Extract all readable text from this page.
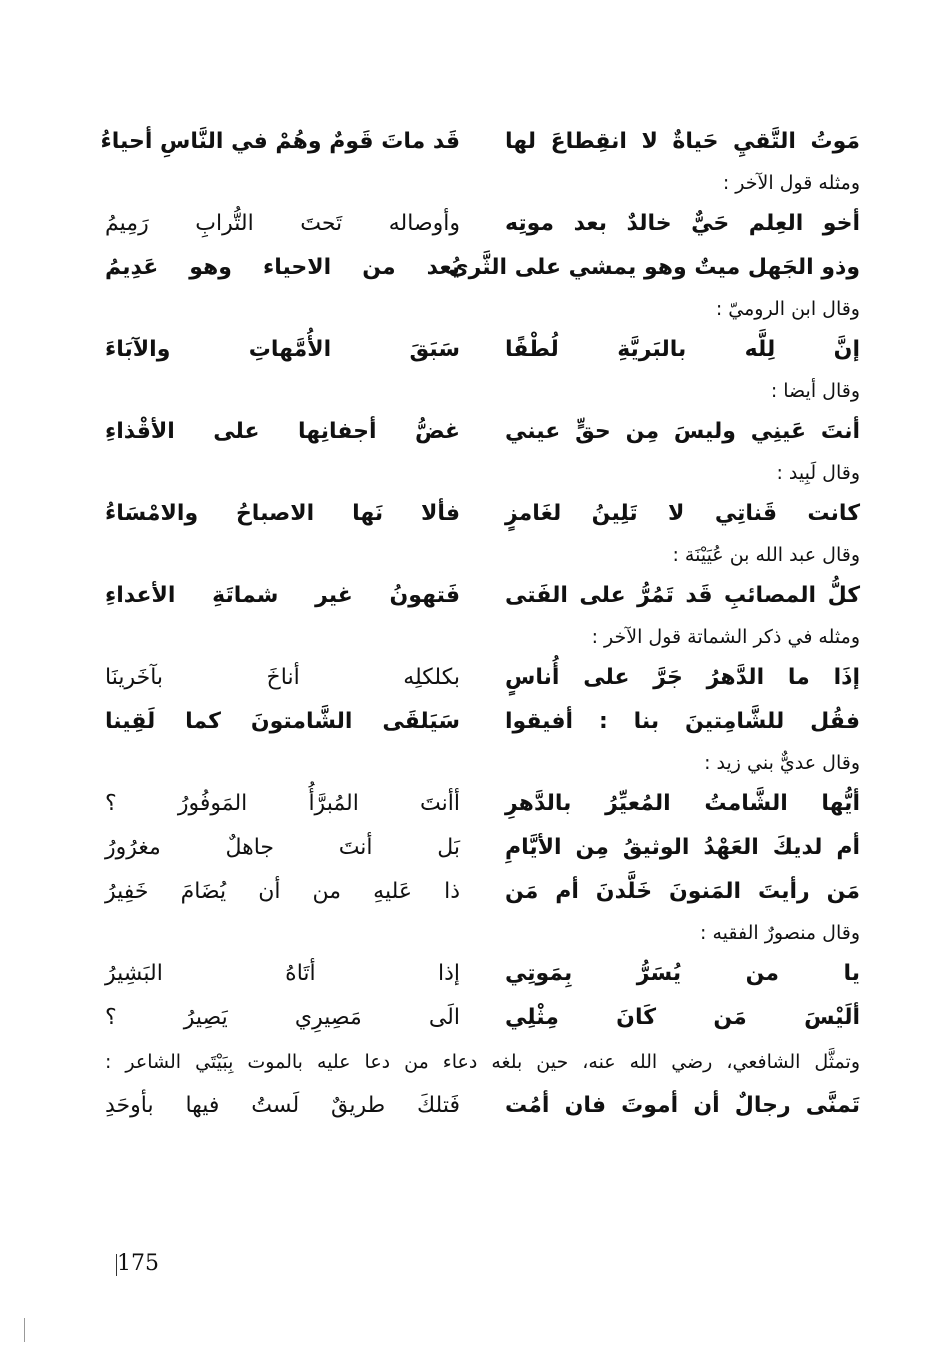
مَوتُ التَّقيِ حَياةٌ لا انقِطاعَ لها
قَد ماتَ قَومٌ وهُمْ في النَّاسِ أحياءُ
ومثله قول الآخر :
أخو العِلم حَيٌّ خالدٌ بعد موتِه
وأوصاله تَحتَ التُّرابِ رَمِيمُ
وذو الجَهل ميتٌ وهو يمشي على الثَّرى
يُعد من الاحياء وهو عَدِيمُ
وقال ابن الروميّ :
إنَّ لِلَّه بالبَريَّةِ لُطْفًا
سَبَقَ الأُمَّهاتِ والآبَاءَ
وقال أيضا :
أنتَ عَينِي وليسَ مِن حقٍّ عيني
غضُّ أجفانِها على الأقْذاءِ
وقال لَبِيد :
كانت قَناتِي لا تَلِينُ لغَامزٍ
فألا نَها الاصباحُ والامْسَاءُ
وقال عبد الله بن عُيَيْنَة :
كلُّ المصائبِ قَد تَمُرُّ على الفَتى
فَتهونُ غير شماتَةِ الأعداءِ
ومثله في ذكر الشماتة قول الآخر :
إذَا ما الدَّهرُ جَرَّ على أُناسٍ
بكلكلِه أناخَ بآخَرينَا
فقُل للشَّامِتينَ بنا : أفيقوا
سَيَلقَى الشَّامتونَ كما لَقِينا
وقال عديٌّ بني زيد :
أيُّها الشَّامتُ المُعيِّرُ بالدَّهرِ
أأنتَ المُبرَّأُ المَوفُورُ ؟
أم لديكَ العَهْدُ الوثيقُ مِن الأيَّامِ
بَل أنتَ جاهلٌ مغرُورُ
مَن رأيتَ المَنونَ خَلَّدنَ أم مَن
ذا عَليهِ من أن يُضَامَ خَفِيرُ
وقال منصورٌ الفقيه :
يا من يُسَرُّ بِمَوتِي
إذا أتَاهُ البَشِيرُ
ألَيْسَ مَن كَانَ مِثْلِي
الَى مَصِيرِي يَصِيرُ ؟
وتمثَّل الشافعي، رضي الله عنه، حين بلغه دعاء من دعا عليه بالموت بِبَيْتَي الشاعر :
تَمنَّى رجالٌ أن أموتَ فان أمُت
فَتلكَ طريقٌ لَستُ فيها بأوحَدِ
175
